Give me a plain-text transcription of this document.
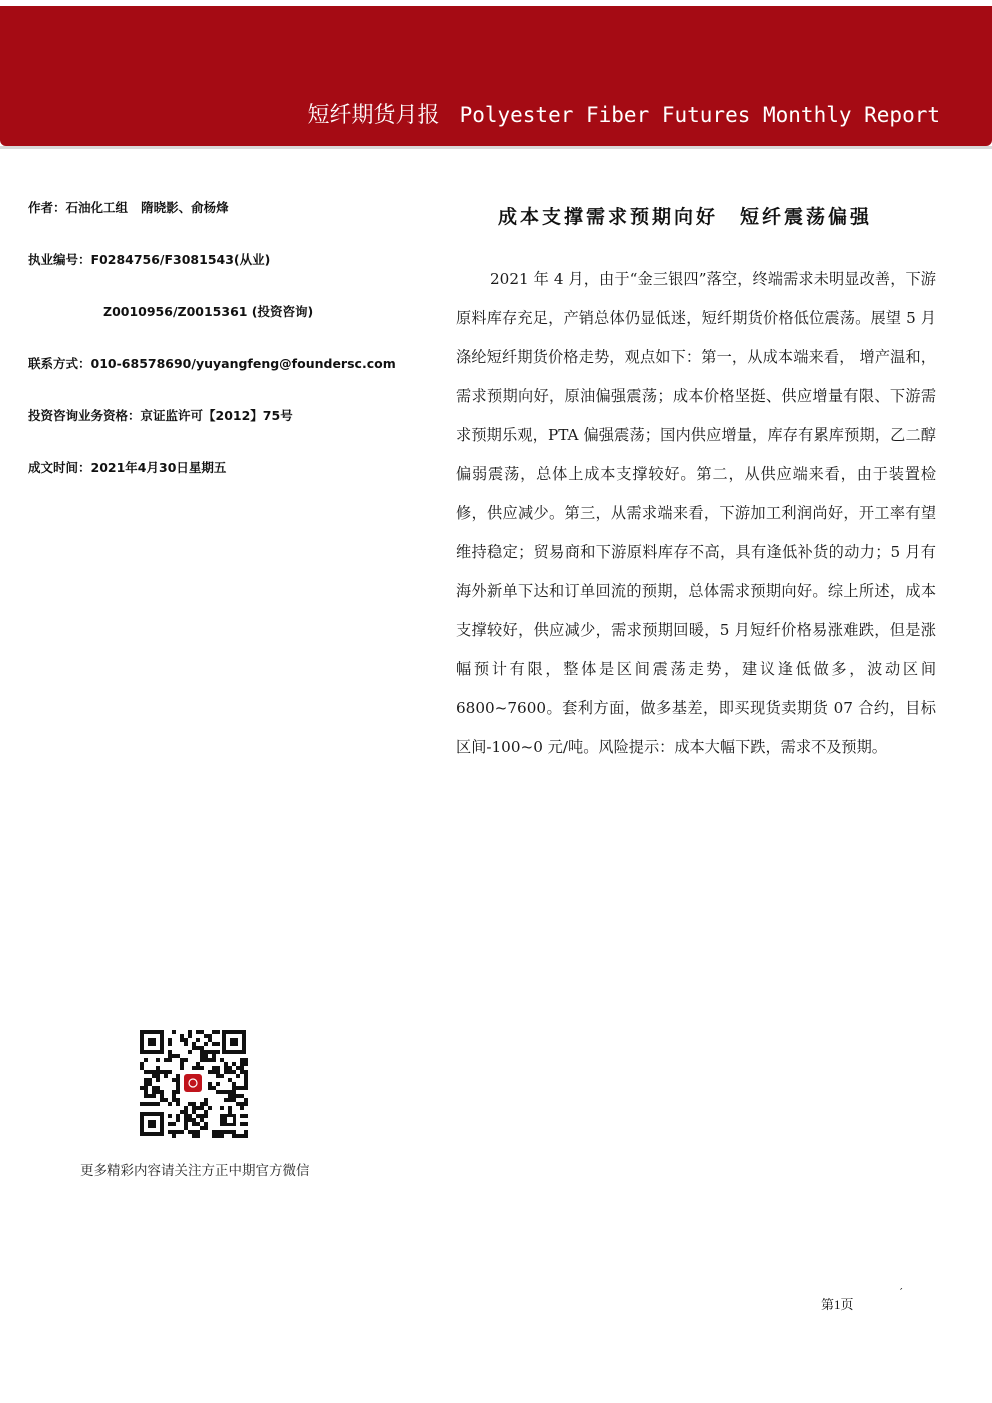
短纤期货月报 Polyester Fiber Futures Monthly Report
作者：石油化工组   隋晓影、俞杨烽
执业编号：F0284756/F3081543(从业)
Z0010956/Z0015361 (投资咨询)
联系方式：010-68578690/yuyangfeng@foundersc.com
投资咨询业务资格：京证监许可【2012】75号
成文时间：2021年4月30日星期五
成本支撑需求预期向好 短纤震荡偏强

2021 年 4 月，由于“金三银四”落空，终端需求未明显改善，下游原料库存充足，产销总体仍显低迷，短纤期货价格低位震荡。展望 5 月涤纶短纤期货价格走势，观点如下：第一，从成本端来看， 增产温和，需求预期向好，原油偏强震荡；成本价格坚挺、供应增量有限、下游需求预期乐观，PTA 偏强震荡；国内供应增量，库存有累库预期，乙二醇偏弱震荡，总体上成本支撑较好。第二，从供应端来看，由于装置检修，供应减少。第三，从需求端来看，下游加工利润尚好，开工率有望维持稳定；贸易商和下游原料库存不高，具有逢低补货的动力；5 月有海外新单下达和订单回流的预期，总体需求预期向好。综上所述，成本支撑较好，供应减少，需求预期回暖，5 月短纤价格易涨难跌，但是涨幅预计有限，整体是区间震荡走势，建议逢低做多，波动区间 6800~7600。套利方面，做多基差，即买现货卖期货 07 合约，目标区间-100~0 元/吨。风险提示：成本大幅下跌，需求不及预期。

更多精彩内容请关注方正中期官方微信
第1页
′
